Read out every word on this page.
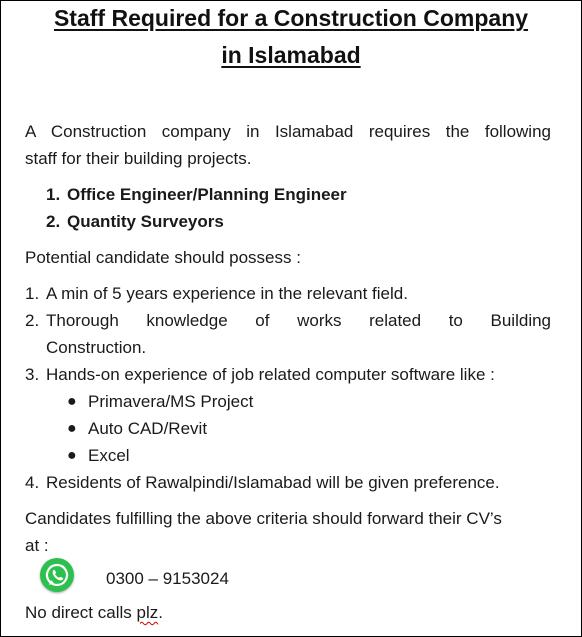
Staff Required for a Construction Company
in Islamabad
A Construction company in Islamabad requires the following
staff for their building projects.
1. Office Engineer/Planning Engineer
2. Quantity Surveyors
Potential candidate should possess :
1. A min of 5 years experience in the relevant field.
2. Thorough knowledge of works related to Building
Construction.
3. Hands-on experience of job related computer software like :
● Primavera/MS Project
● Auto CAD/Revit
● Excel
4. Residents of Rawalpindi/Islamabad will be given preference.
Candidates fulfilling the above criteria should forward their CV’s
at :
0300 – 9153024
No direct calls plz.
